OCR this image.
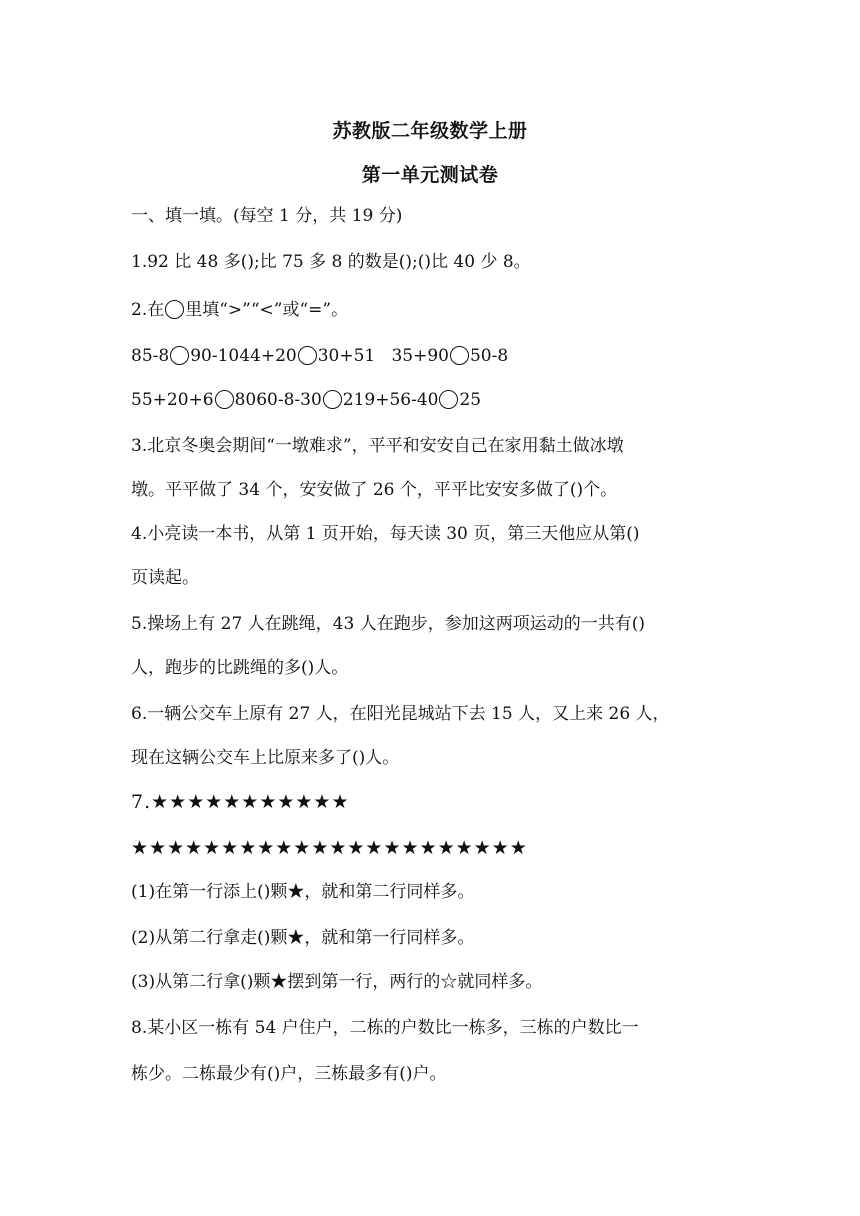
苏教版二年级数学上册
第一单元测试卷
一、填一填。(每空 1 分，共 19 分)
1.92 比 48 多();比 75 多 8 的数是();()比 40 少 8。
2.在 里填“>”“<”或“=”。
85-8 90-1044+20 30+51   35+90 50-8
55+20+6 8060-8-30 219+56-40 25
3.北京冬奥会期间“一墩难求”，平平和安安自己在家用黏土做冰墩
墩。平平做了 34 个，安安做了 26 个，平平比安安多做了()个。
4.小亮读一本书，从第 1 页开始，每天读 30 页，第三天他应从第()
页读起。
5.操场上有 27 人在跳绳，43 人在跑步，参加这两项运动的一共有()
人，跑步的比跳绳的多()人。
6.一辆公交车上原有 27 人，在阳光昆城站下去 15 人，又上来 26 人，
现在这辆公交车上比原来多了()人。
7.★★★★★★★★★★★
★★★★★★★★★★★★★★★★★★★★★★
(1)在第一行添上()颗★，就和第二行同样多。
(2)从第二行拿走()颗★，就和第一行同样多。
(3)从第二行拿()颗★摆到第一行，两行的☆就同样多。
8.某小区一栋有 54 户住户，二栋的户数比一栋多，三栋的户数比一
栋少。二栋最少有()户，三栋最多有()户。
